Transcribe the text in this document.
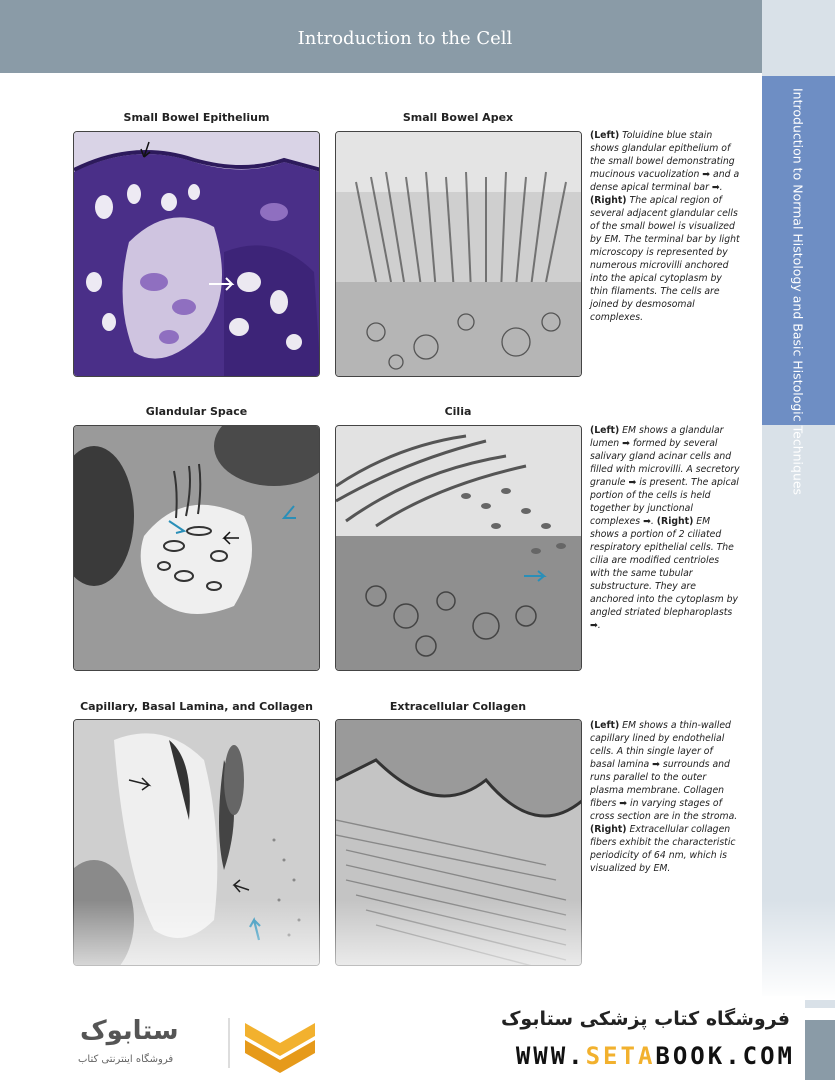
Introduction to the Cell
Introduction to Normal Histology and Basic Histologic Techniques
Small Bowel Epithelium	Small Bowel Apex
(Left) Toluidine blue stain shows glandular epithelium of the small bowel demonstrating mucinous vacuolization ➡ and a dense apical terminal bar ➡. (Right) The apical region of several adjacent glandular cells of the small bowel is visualized by EM. The terminal bar by light microscopy is represented by numerous microvilli anchored into the apical cytoplasm by thin filaments. The cells are joined by desmosomal complexes.
Glandular Space	Cilia
(Left) EM shows a glandular lumen ➡ formed by several salivary gland acinar cells and filled with microvilli. A secretory granule ➡ is present. The apical portion of the cells is held together by junctional complexes ➡. (Right) EM shows a portion of 2 ciliated respiratory epithelial cells. The cilia are modified centrioles with the same tubular substructure. They are anchored into the cytoplasm by angled striated blepharoplasts ➡.
Capillary, Basal Lamina, and Collagen	Extracellular Collagen
(Left) EM shows a thin-walled capillary lined by endothelial cells. A thin single layer of basal lamina ➡ surrounds and runs parallel to the outer plasma membrane. Collagen fibers ➡ in varying stages of cross section are in the stroma. (Right) Extracellular collagen fibers exhibit the characteristic periodicity of 64 nm, which is visualized by EM.
ستابوک
فروشگاه اینترنتی کتاب
فروشگاه کتاب پزشکی ستابوک
WWW.SETABOOK.COM
